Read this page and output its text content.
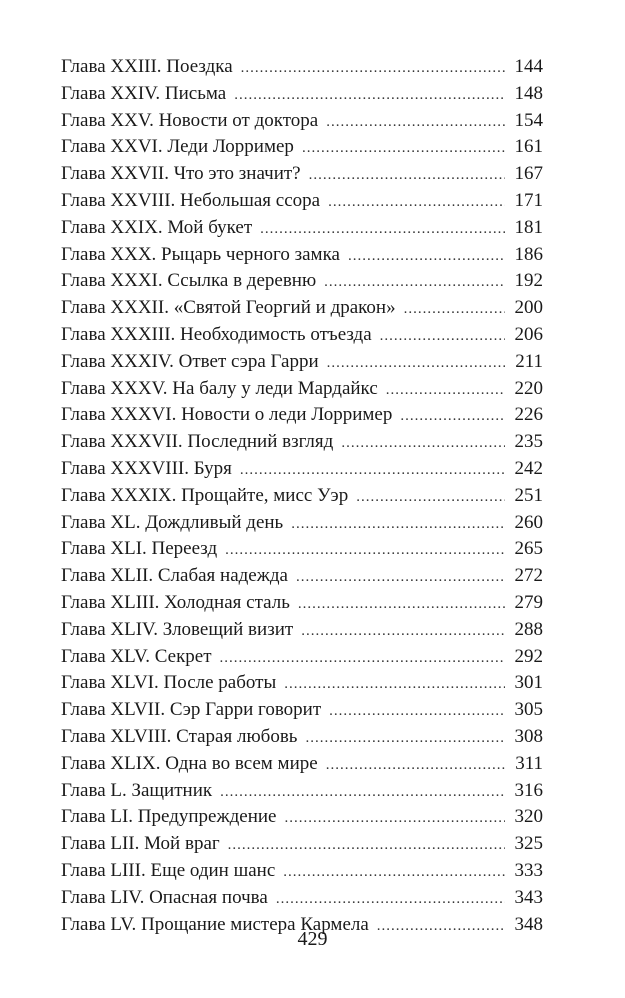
Глава XXIII. Поездка .....	144
Глава XXIV. Письма .....	148
Глава XXV. Новости от доктора .....	154
Глава XXVI. Леди Лорример .....	161
Глава XXVII. Что это значит? .....	167
Глава XXVIII. Небольшая ссора .....	171
Глава XXIX. Мой букет .....	181
Глава XXX. Рыцарь черного замка .....	186
Глава XXXI. Ссылка в деревню .....	192
Глава XXXII. «Святой Георгий и дракон» .....	200
Глава XXXIII. Необходимость отъезда .....	206
Глава XXXIV. Ответ сэра Гарри .....	211
Глава XXXV. На балу у леди Мардайкс .....	220
Глава XXXVI. Новости о леди Лорример .....	226
Глава XXXVII. Последний взгляд .....	235
Глава XXXVIII. Буря .....	242
Глава XXXIX. Прощайте, мисс Уэр .....	251
Глава XL. Дождливый день .....	260
Глава XLI. Переезд .....	265
Глава XLII. Слабая надежда .....	272
Глава XLIII. Холодная сталь .....	279
Глава XLIV. Зловещий визит .....	288
Глава XLV. Секрет .....	292
Глава XLVI. После работы .....	301
Глава XLVII. Сэр Гарри говорит .....	305
Глава XLVIII. Старая любовь .....	308
Глава XLIX. Одна во всем мире .....	311
Глава L. Защитник .....	316
Глава LI. Предупреждение .....	320
Глава LII. Мой враг .....	325
Глава LIII. Еще один шанс .....	333
Глава LIV. Опасная почва .....	343
Глава LV. Прощание мистера Кармела .....	348
429
